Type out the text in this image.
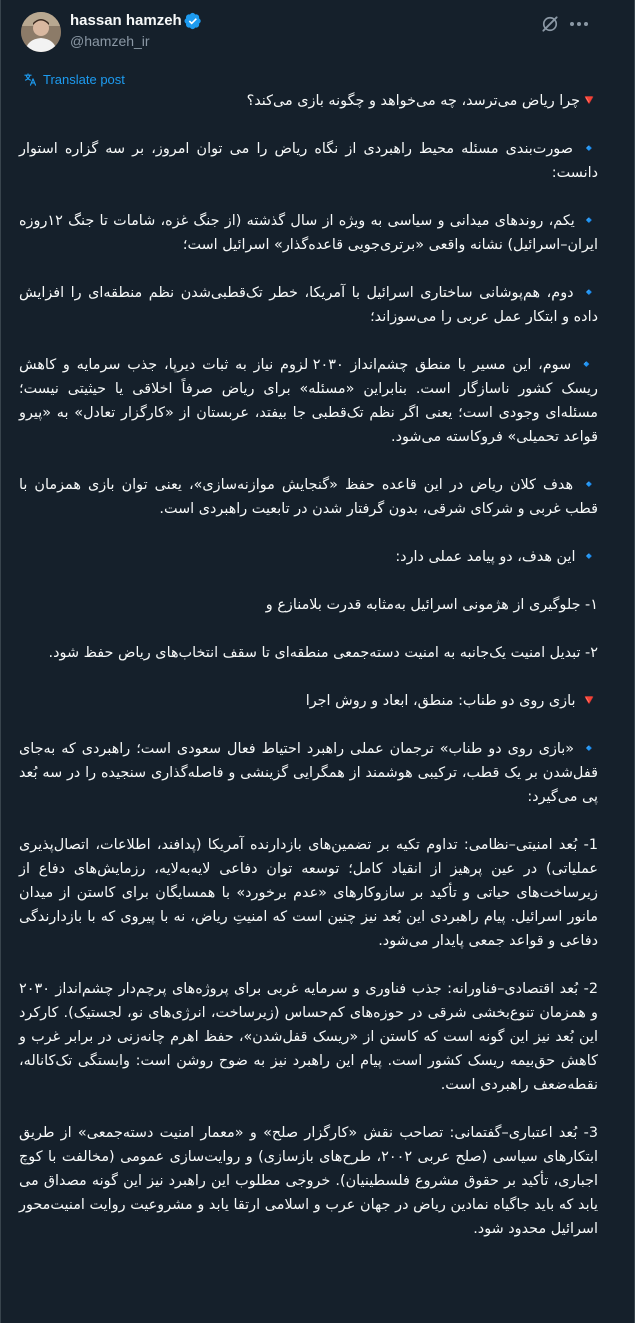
hassan hamzeh
@hamzeh_ir
Translate post

🔻چرا ریاض می‌ترسد، چه می‌خواهد و چگونه بازی می‌کند؟

🔹 صورت‌بندی مسئله محیط راهبردی از نگاه ریاض را می توان امروز، بر سه گزاره استوار دانست:

🔹 یکم، روندهای میدانی و سیاسی به ویژه از سال گذشته (از جنگ غزه، شامات تا جنگ ۱۲روزه ایران–اسرائیل) نشانه واقعی «برتری‌جویی قاعده‌گذار» اسرائیل است؛

🔹 دوم، هم‌پوشانی ساختاری اسرائیل با آمریکا، خطر تک‌قطبی‌شدن نظم منطقه‌ای را افزایش داده و ابتکار عمل عربی را می‌سوزاند؛

🔹 سوم، این مسیر با منطق چشم‌انداز ۲۰۳۰ لزوم نیاز به ثبات دیرپا، جذب سرمایه و کاهش ریسک کشور ناسازگار است. بنابراین «مسئله» برای ریاض صرفاً اخلاقی یا حیثیتی نیست؛ مسئله‌ای وجودی است؛ یعنی اگر نظم تک‌قطبی جا بیفتد، عربستان از «کارگزار تعادل» به «پیرو قواعد تحمیلی» فروکاسته می‌شود.

🔹 هدف کلان ریاض در این قاعده حفظ «گنجایش موازنه‌سازی»، یعنی توان بازی همزمان با قطب غربی و شرکای شرقی، بدون گرفتار شدن در تابعیت راهبردی است.

🔹 این هدف، دو پیامد عملی دارد:

۱- جلوگیری از هژمونی اسرائیل به‌مثابه قدرت بلامنازع و

۲- تبدیل امنیت یک‌جانبه به امنیت دسته‌جمعی منطقه‌ای تا سقف انتخاب‌های ریاض حفظ شود.

🔻 بازی روی دو طناب: منطق، ابعاد و روش اجرا

🔹 «بازی روی دو طناب» ترجمان عملی راهبرد احتیاط فعال سعودی است؛ راهبردی که به‌جای قفل‌شدن بر یک قطب، ترکیبی هوشمند از همگرایی گزینشی و فاصله‌گذاری سنجیده را در سه بُعد پی می‌گیرد:

1- بُعد امنیتی–نظامی: تداوم تکیه بر تضمین‌های بازدارنده آمریکا (پدافند، اطلاعات، اتصال‌پذیری عملیاتی) در عین پرهیز از انقیاد کامل؛ توسعه توان دفاعی لایه‌به‌لایه، رزمایش‌های دفاع از زیرساخت‌های حیاتی و تأکید بر سازوکارهای «عدم برخورد» با همسایگان برای کاستن از میدان مانور اسرائیل. پیام راهبردی این بُعد نیز چنین است که امنیتِ ریاض، نه با پیروی که با بازدارندگی دفاعی و قواعد جمعی پایدار می‌شود.

2- بُعد اقتصادی–فناورانه: جذب فناوری و سرمایه غربی برای پروژه‌های پرچم‌دار چشم‌انداز ۲۰۳۰ و همزمان تنوع‌بخشی شرقی در حوزه‌های کم‌حساس (زیرساخت، انرژی‌های نو، لجستیک). کارکرد این بُعد نیز این گونه است که کاستن از «ریسک قفل‌شدن»، حفظ اهرم چانه‌زنی در برابر غرب و کاهش حق‌بیمه ریسک کشور است. پیام این راهبرد نیز به ضوح روشن است: وابستگی تک‌کاناله، نقطه‌ضعف راهبردی است.

3- بُعد اعتباری–گفتمانی: تصاحب نقش «کارگزار صلح» و «معمار امنیت دسته‌جمعی» از طریق ابتکارهای سیاسی (صلح عربی ۲۰۰۲، طرح‌های بازسازی) و روایت‌سازی عمومی (مخالفت با کوچ اجباری، تأکید بر حقوق مشروع فلسطینیان). خروجی مطلوب این راهبرد نیز این گونه مصداق می یابد که باید جاگیاه نمادین ریاض در جهان عرب و اسلامی ارتقا یابد و مشروعیت روایت امنیت‌محور اسرائیل محدود شود.
